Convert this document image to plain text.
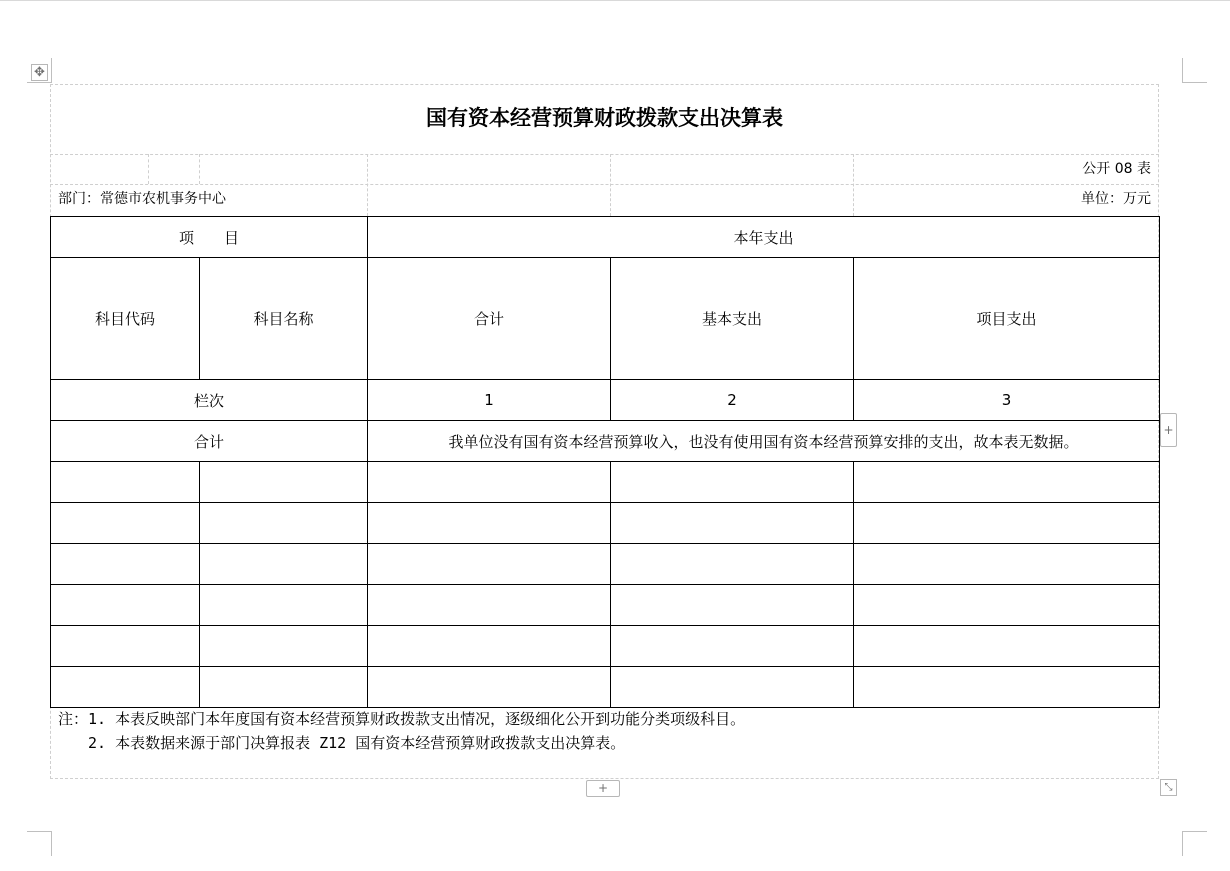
✥
国有资本经营预算财政拨款支出决算表
公开 08 表
部门：常德市农机事务中心	单位：万元
项　　目	本年支出
科目代码	科目名称	合计	基本支出	项目支出
栏次	1	2	3
合计	我单位没有国有资本经营预算收入，也没有使用国有资本经营预算安排的支出，故本表无数据。
注：1. 本表反映部门本年度国有资本经营预算财政拨款支出情况，逐级细化公开到功能分类项级科目。
　　2. 本表数据来源于部门决算报表 Z12 国有资本经营预算财政拨款支出决算表。
+
+	⤡
